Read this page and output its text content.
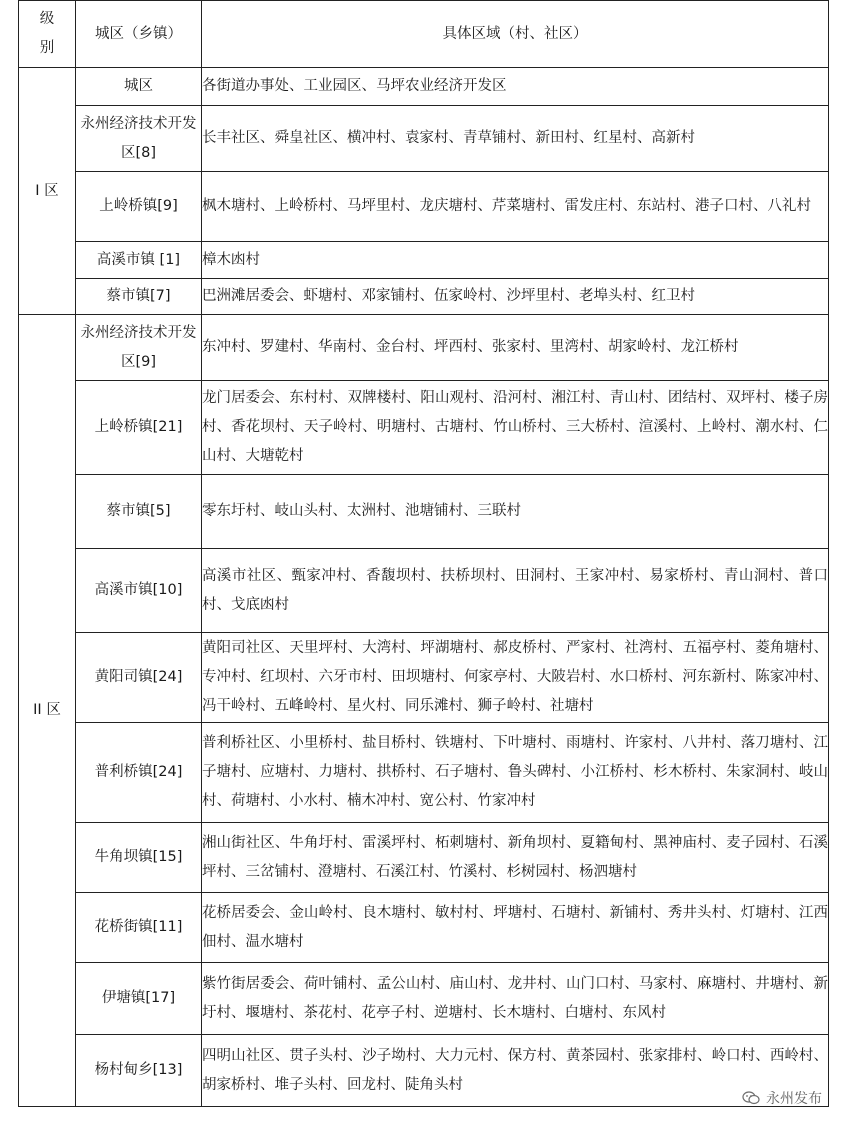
级
别	城区（乡镇）	具体区域（村、社区）
I 区	城区	各街道办事处、工业园区、马坪农业经济开发区
	永州经济技术开发区[8]	长丰社区、舜皇社区、横冲村、袁家村、青草铺村、新田村、红星村、高新村
	上岭桥镇[9]	枫木塘村、上岭桥村、马坪里村、龙庆塘村、芹菜塘村、雷发庄村、东站村、港子口村、八礼村
	高溪市镇 [1]	樟木凼村
	蔡市镇[7]	巴洲滩居委会、虾塘村、邓家铺村、伍家岭村、沙坪里村、老埠头村、红卫村
II 区	永州经济技术开发区[9]	东冲村、罗建村、华南村、金台村、坪西村、张家村、里湾村、胡家岭村、龙江桥村
	上岭桥镇[21]	龙门居委会、东村村、双牌楼村、阳山观村、沿河村、湘江村、青山村、团结村、双坪村、楼子房村、香花坝村、天子岭村、明塘村、古塘村、竹山桥村、三大桥村、渲溪村、上岭村、潮水村、仁山村、大塘乾村
	蔡市镇[5]	零东圩村、岐山头村、太洲村、池塘铺村、三联村
	高溪市镇[10]	高溪市社区、甄家冲村、香馥坝村、扶桥坝村、田洞村、王家冲村、易家桥村、青山洞村、普口村、戈底凼村
	黄阳司镇[24]	黄阳司社区、天里坪村、大湾村、坪湖塘村、郝皮桥村、严家村、社湾村、五福亭村、菱角塘村、专冲村、红坝村、六牙市村、田坝塘村、何家亭村、大陂岩村、水口桥村、河东新村、陈家冲村、冯干岭村、五峰岭村、星火村、同乐滩村、狮子岭村、社塘村
	普利桥镇[24]	普利桥社区、小里桥村、盐目桥村、铁塘村、下叶塘村、雨塘村、许家村、八井村、落刀塘村、江子塘村、应塘村、力塘村、拱桥村、石子塘村、鲁头碑村、小江桥村、杉木桥村、朱家洞村、岐山村、荷塘村、小水村、楠木冲村、宽公村、竹家冲村
	牛角坝镇[15]	湘山街社区、牛角圩村、雷溪坪村、柘刺塘村、新角坝村、夏籍甸村、黑神庙村、麦子园村、石溪坪村、三岔铺村、澄塘村、石溪江村、竹溪村、杉树园村、杨泗塘村
	花桥街镇[11]	花桥居委会、金山岭村、良木塘村、敏村村、坪塘村、石塘村、新铺村、秀井头村、灯塘村、江西佃村、温水塘村
	伊塘镇[17]	紫竹街居委会、荷叶铺村、孟公山村、庙山村、龙井村、山门口村、马家村、麻塘村、井塘村、新圩村、堰塘村、茶花村、花亭子村、逆塘村、长木塘村、白塘村、东风村
	杨村甸乡[13]	四明山社区、贯子头村、沙子坳村、大力元村、保方村、黄茶园村、张家排村、岭口村、西岭村、胡家桥村、堆子头村、回龙村、陡角头村
永州发布
